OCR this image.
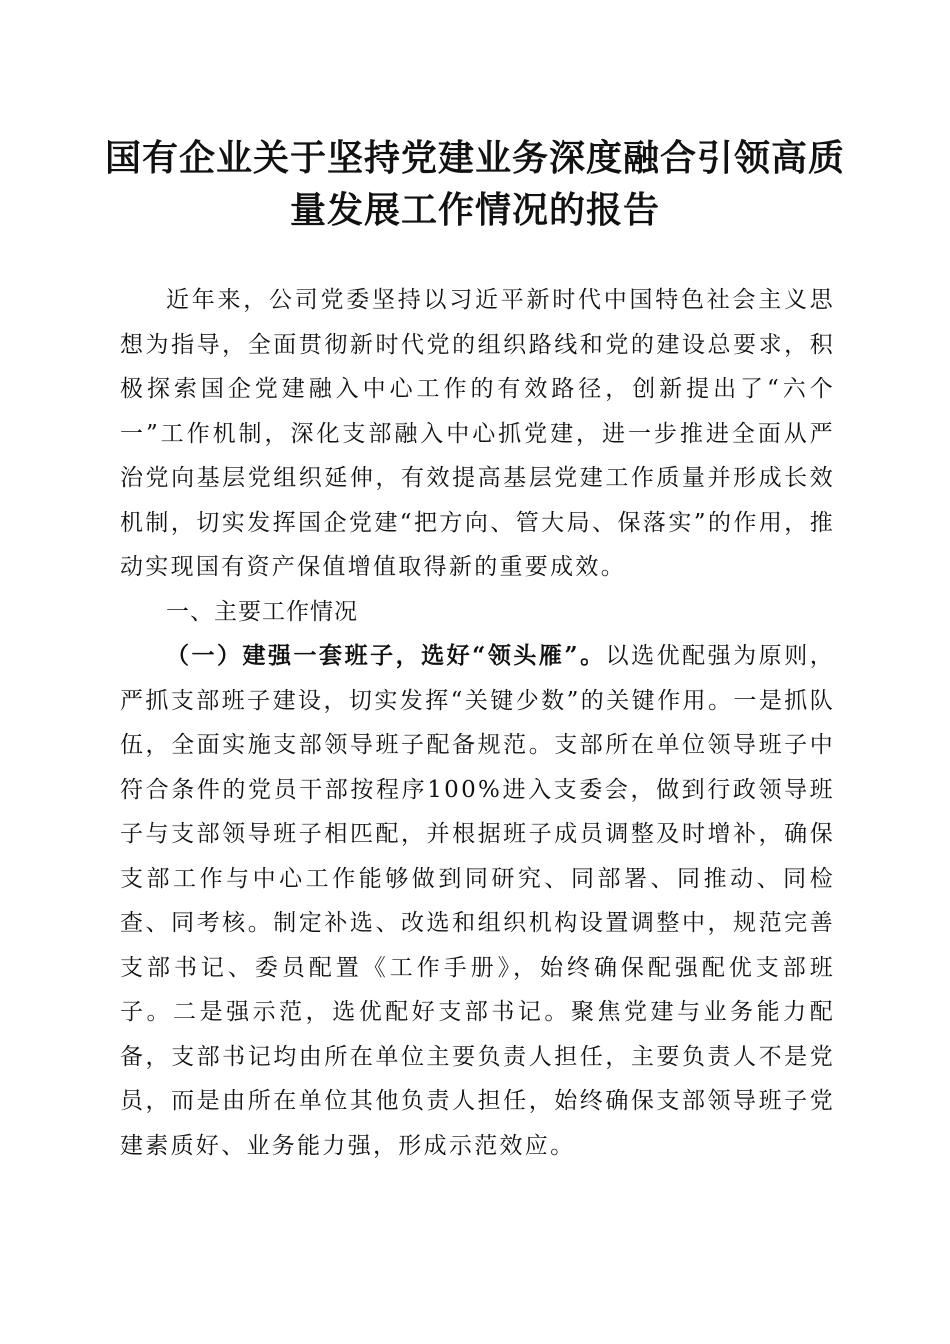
国有企业关于坚持党建业务深度融合引领高质
量发展工作情况的报告

近年来，公司党委坚持以习近平新时代中国特色社会主义思想为指导，全面贯彻新时代党的组织路线和党的建设总要求，积极探索国企党建融入中心工作的有效路径，创新提出了“六个一”工作机制，深化支部融入中心抓党建，进一步推进全面从严治党向基层党组织延伸，有效提高基层党建工作质量并形成长效机制，切实发挥国企党建“把方向、管大局、保落实”的作用，推动实现国有资产保值增值取得新的重要成效。

一、主要工作情况

（一）建强一套班子，选好“领头雁”。以选优配强为原则，严抓支部班子建设，切实发挥“关键少数”的关键作用。一是抓队伍，全面实施支部领导班子配备规范。支部所在单位领导班子中符合条件的党员干部按程序100%进入支委会，做到行政领导班子与支部领导班子相匹配，并根据班子成员调整及时增补，确保支部工作与中心工作能够做到同研究、同部署、同推动、同检查、同考核。制定补选、改选和组织机构设置调整中，规范完善支部书记、委员配置《工作手册》，始终确保配强配优支部班子。二是强示范，选优配好支部书记。聚焦党建与业务能力配备，支部书记均由所在单位主要负责人担任，主要负责人不是党员，而是由所在单位其他负责人担任，始终确保支部领导班子党建素质好、业务能力强，形成示范效应。
